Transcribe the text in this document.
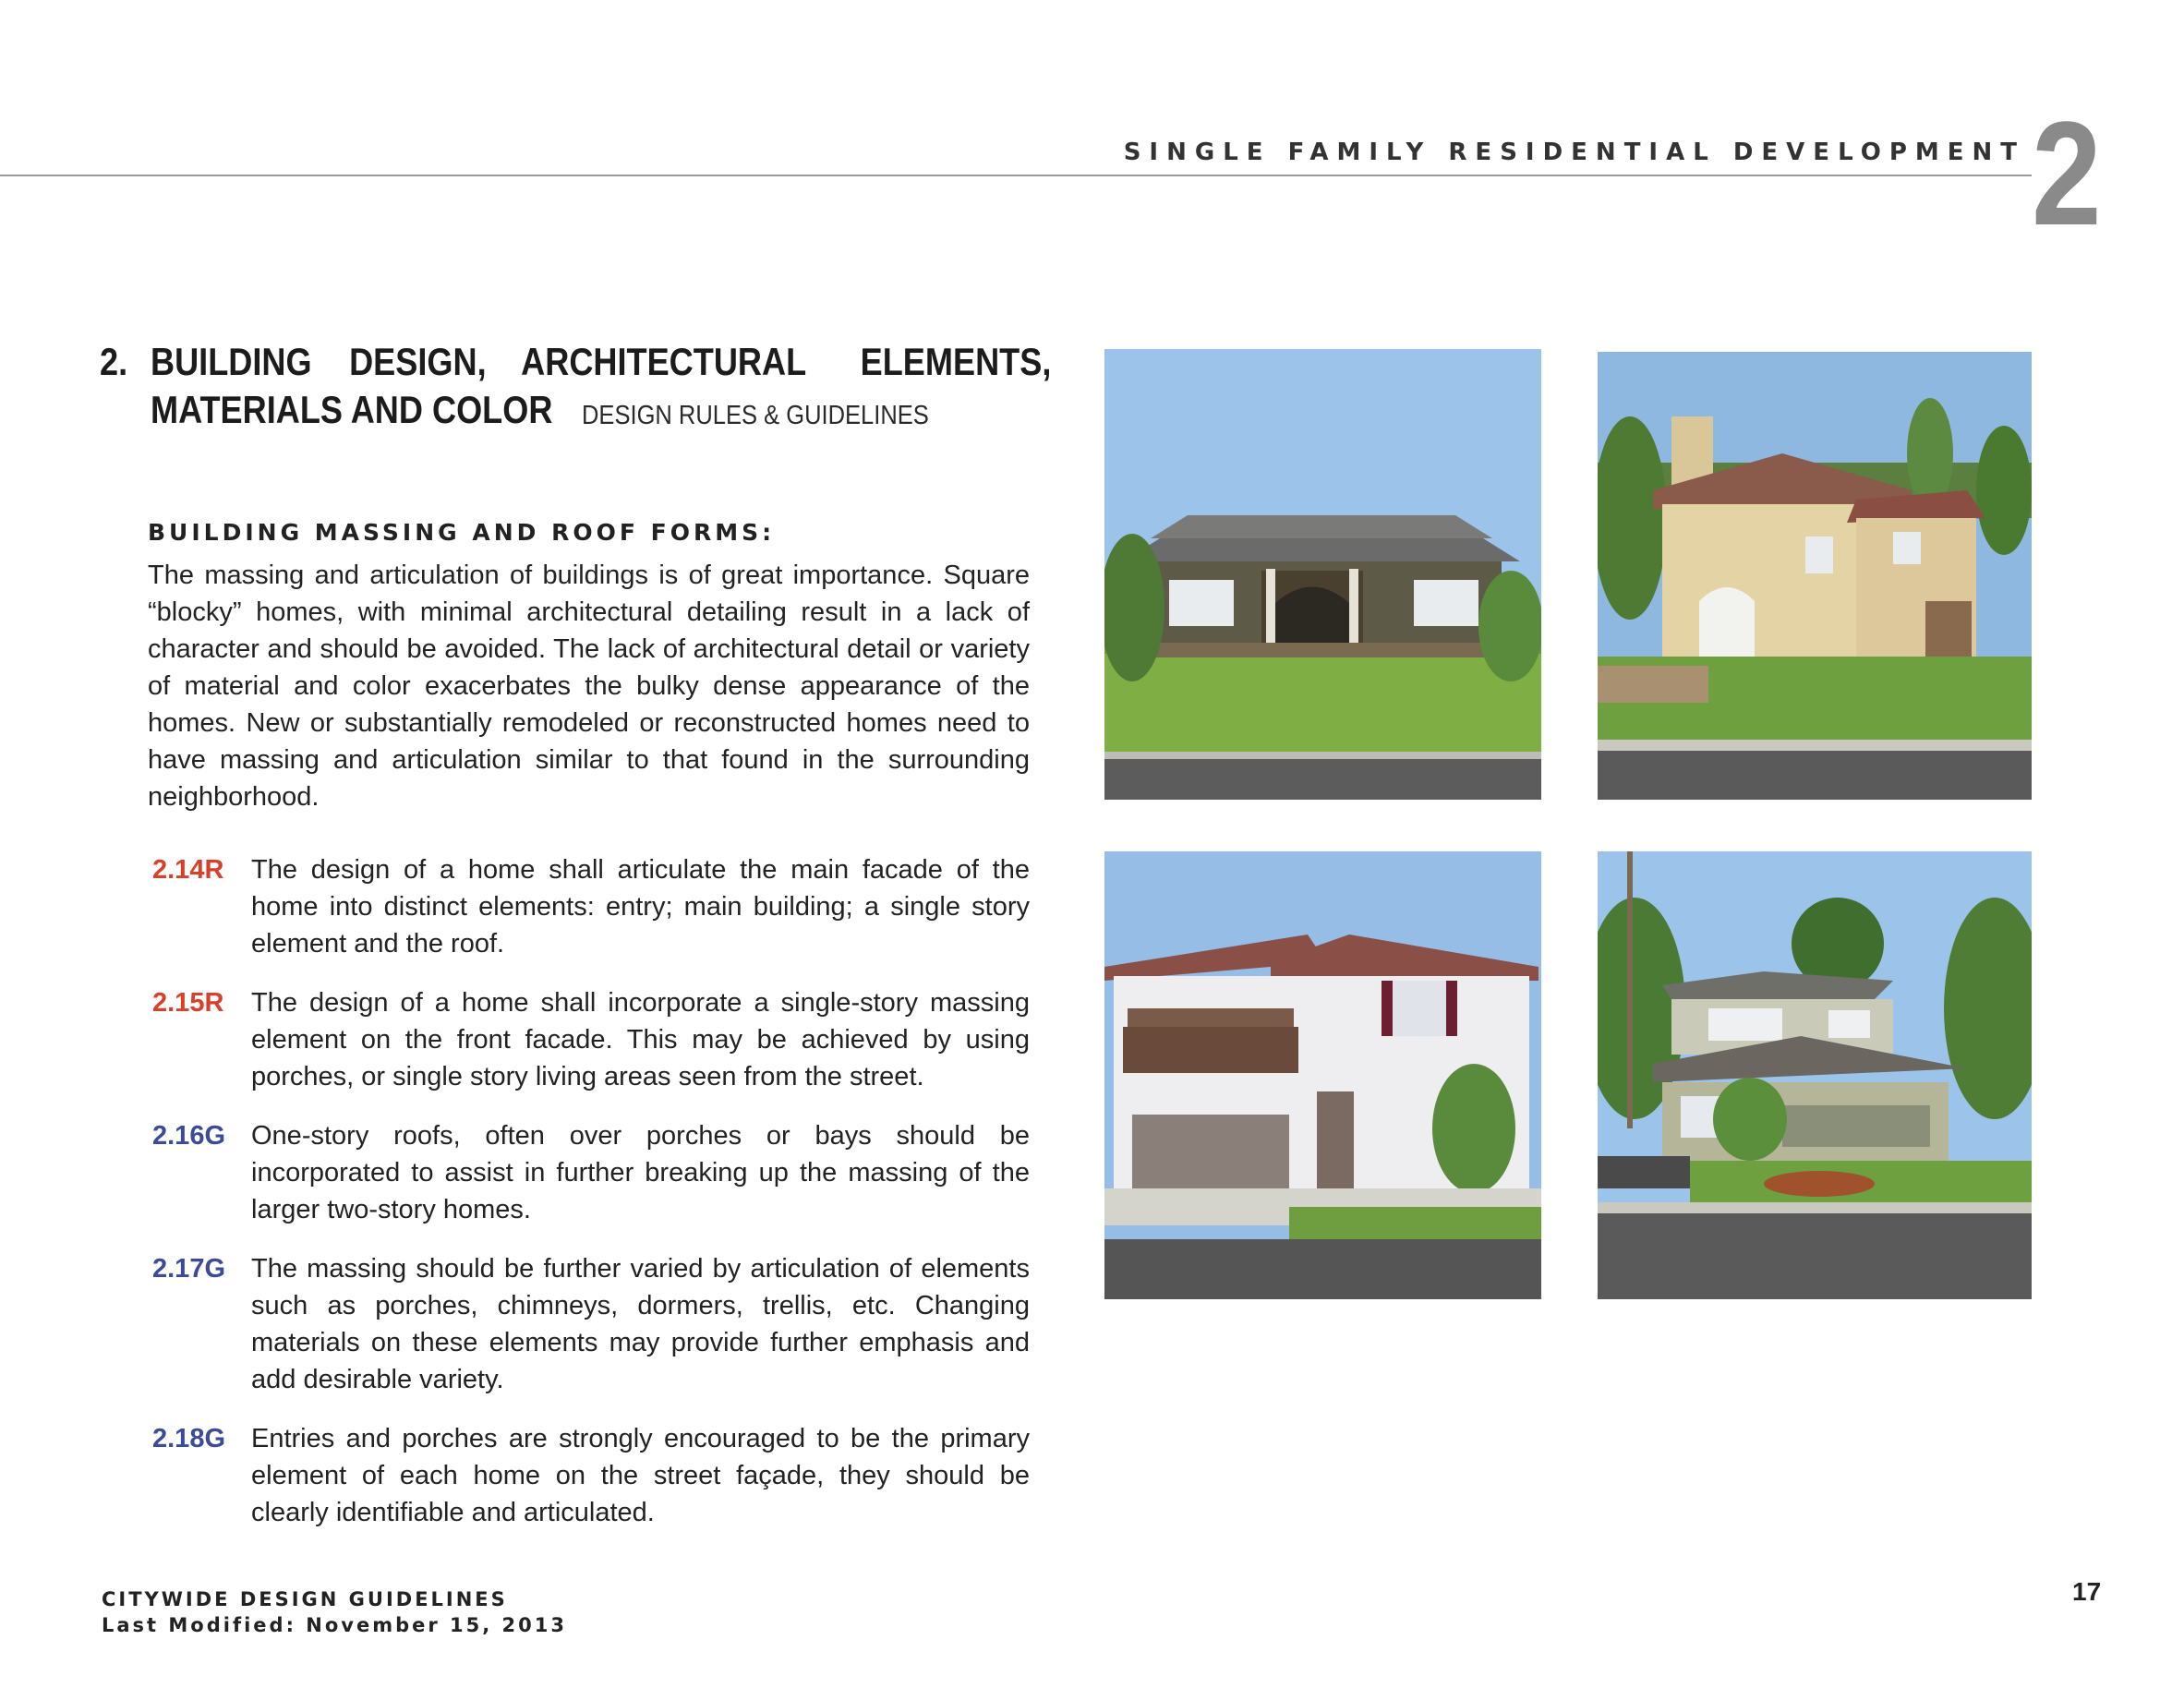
SINGLE FAMILY RESIDENTIAL DEVELOPMENT 2
2. BUILDING DESIGN, ARCHITECTURAL ELEMENTS,
MATERIALS AND COLOR DESIGN RULES & GUIDELINES
BUILDING MASSING AND ROOF FORMS:

The massing and articulation of buildings is of great importance. Square “blocky” homes, with minimal architectural detailing result in a lack of character and should be avoided. The lack of architectural detail or variety of material and color exacerbates the bulky dense appearance of the homes. New or substantially remodeled or reconstructed homes need to have massing and articulation similar to that found in the surrounding neighborhood.

2.14R The design of a home shall articulate the main facade of the home into distinct elements: entry; main building; a single story element and the roof.

2.15R The design of a home shall incorporate a single-story massing element on the front facade. This may be achieved by using porches, or single story living areas seen from the street.

2.16G One-story roofs, often over porches or bays should be incorporated to assist in further breaking up the massing of the larger two-story homes.

2.17G The massing should be further varied by articulation of elements such as porches, chimneys, dormers, trellis, etc. Changing materials on these elements may provide further emphasis and add desirable variety.

2.18G Entries and porches are strongly encouraged to be the primary element of each home on the street façade, they should be clearly identifiable and articulated.

CITYWIDE DESIGN GUIDELINES
Last Modified: November 15, 2013
17
